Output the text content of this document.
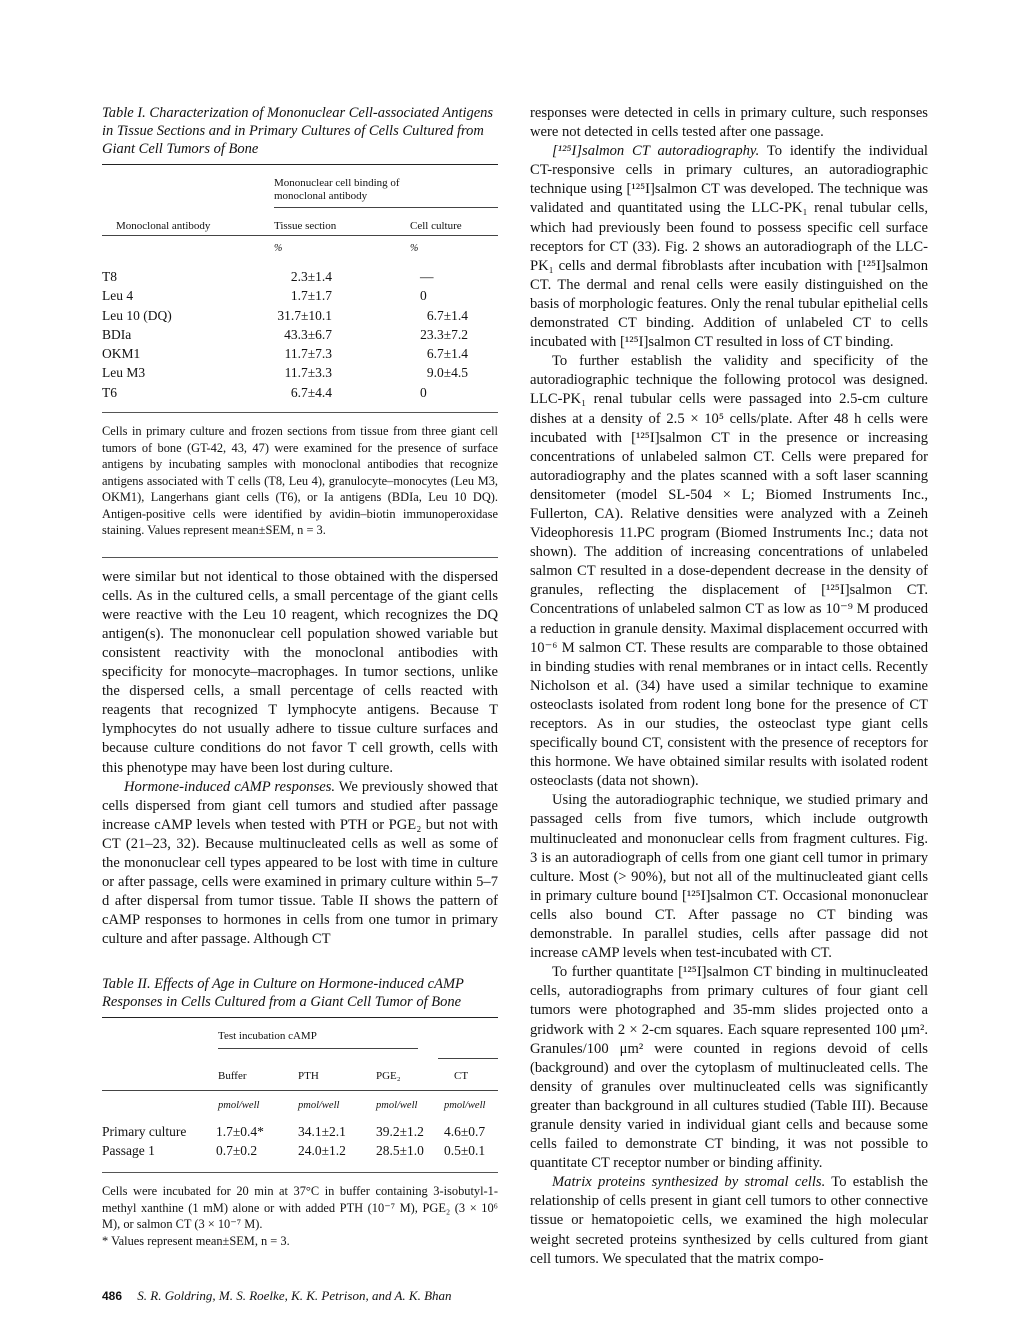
Table I. Characterization of Mononuclear Cell-associated Antigens in Tissue Sections and in Primary Cultures of Cells Cultured from Giant Cell Tumors of Bone
Mononuclear cell binding of monoclonal antibody
Monoclonal antibody	Tissue section	Cell culture
%	%
T8	2.3±1.4	—
Leu 4	1.7±1.7	0
Leu 10 (DQ)	31.7±10.1	6.7±1.4
BDIa	43.3±6.7	23.3±7.2
OKM1	11.7±7.3	6.7±1.4
Leu M3	11.7±3.3	9.0±4.5
T6	6.7±4.4	0

Cells in primary culture and frozen sections from tissue from three giant cell tumors of bone (GT-42, 43, 47) were examined for the presence of surface antigens by incubating samples with monoclonal antibodies that recognize antigens associated with T cells (T8, Leu 4), granulocyte–monocytes (Leu M3, OKM1), Langerhans giant cells (T6), or Ia antigens (BDIa, Leu 10 DQ). Antigen-positive cells were identified by avidin–biotin immunoperoxidase staining. Values represent mean±SEM, n = 3.

were similar but not identical to those obtained with the dispersed cells. As in the cultured cells, a small percentage of the giant cells were reactive with the Leu 10 reagent, which recognizes the DQ antigen(s). The mononuclear cell population showed variable but consistent reactivity with the monoclonal antibodies with specificity for monocyte–macrophages. In tumor sections, unlike the dispersed cells, a small percentage of cells reacted with reagents that recognized T lymphocyte antigens. Because T lymphocytes do not usually adhere to tissue culture surfaces and because culture conditions do not favor T cell growth, cells with this phenotype may have been lost during culture.

Hormone-induced cAMP responses. We previously showed that cells dispersed from giant cell tumors and studied after passage increase cAMP levels when tested with PTH or PGE₂ but not with CT (21–23, 32). Because multinucleated cells as well as some of the mononuclear cell types appeared to be lost with time in culture or after passage, cells were examined in primary culture within 5–7 d after dispersal from tumor tissue. Table II shows the pattern of cAMP responses to hormones in cells from one tumor in primary culture and after passage. Although CT

Table II. Effects of Age in Culture on Hormone-induced cAMP Responses in Cells Cultured from a Giant Cell Tumor of Bone
Test incubation cAMP
Buffer	PTH	PGE₂	CT
pmol/well	pmol/well	pmol/well	pmol/well
Primary culture 1.7±0.4*	34.1±2.1 39.2±1.2 4.6±0.7
Passage 1	0.7±0.2	24.0±1.2 28.5±1.0 0.5±0.1

Cells were incubated for 20 min at 37°C in buffer containing 3-isobutyl-1-methyl xanthine (1 mM) alone or with added PTH (10⁻⁷ M), PGE₂ (3 × 10⁶ M), or salmon CT (3 × 10⁻⁷ M).

* Values represent mean±SEM, n = 3.

responses were detected in cells in primary culture, such responses were not detected in cells tested after one passage.

[¹²⁵I]salmon CT autoradiography. To identify the individual CT-responsive cells in primary cultures, an autoradiographic technique using [¹²⁵I]salmon CT was developed. The technique was validated and quantitated using the LLC-PK₁ renal tubular cells, which had previously been found to possess specific cell surface receptors for CT (33). Fig. 2 shows an autoradiograph of the LLC-PK₁ cells and dermal fibroblasts after incubation with [¹²⁵I]salmon CT. The dermal and renal cells were easily distinguished on the basis of morphologic features. Only the renal tubular epithelial cells demonstrated CT binding. Addition of unlabeled CT to cells incubated with [¹²⁵I]salmon CT resulted in loss of CT binding.

To further establish the validity and specificity of the autoradiographic technique the following protocol was designed. LLC-PK₁ renal tubular cells were passaged into 2.5-cm culture dishes at a density of 2.5 × 10⁵ cells/plate. After 48 h cells were incubated with [¹²⁵I]salmon CT in the presence or increasing concentrations of unlabeled salmon CT. Cells were prepared for autoradiography and the plates scanned with a soft laser scanning densitometer (model SL-504 × L; Biomed Instruments Inc., Fullerton, CA). Relative densities were analyzed with a Zeineh Videophoresis 11.PC program (Biomed Instruments Inc.; data not shown). The addition of increasing concentrations of unlabeled salmon CT resulted in a dose-dependent decrease in the density of granules, reflecting the displacement of [¹²⁵I]salmon CT. Concentrations of unlabeled salmon CT as low as 10⁻⁹ M produced a reduction in granule density. Maximal displacement occurred with 10⁻⁶ M salmon CT. These results are comparable to those obtained in binding studies with renal membranes or in intact cells. Recently Nicholson et al. (34) have used a similar technique to examine osteoclasts isolated from rodent long bone for the presence of CT receptors. As in our studies, the osteoclast type giant cells specifically bound CT, consistent with the presence of receptors for this hormone. We have obtained similar results with isolated rodent osteoclasts (data not shown).

Using the autoradiographic technique, we studied primary and passaged cells from five tumors, which include outgrowth multinucleated and mononuclear cells from fragment cultures. Fig. 3 is an autoradiograph of cells from one giant cell tumor in primary culture. Most (> 90%), but not all of the multinucleated giant cells in primary culture bound [¹²⁵I]salmon CT. Occasional mononuclear cells also bound CT. After passage no CT binding was demonstrable. In parallel studies, cells after passage did not increase cAMP levels when test-incubated with CT.

To further quantitate [¹²⁵I]salmon CT binding in multinucleated cells, autoradiographs from primary cultures of four giant cell tumors were photographed and 35-mm slides projected onto a gridwork with 2 × 2-cm squares. Each square represented 100 μm². Granules/100 μm² were counted in regions devoid of cells (background) and over the cytoplasm of multinucleated cells. The density of granules over multinucleated cells was significantly greater than background in all cultures studied (Table III). Because granule density varied in individual giant cells and because some cells failed to demonstrate CT binding, it was not possible to quantitate CT receptor number or binding affinity.

Matrix proteins synthesized by stromal cells. To establish the relationship of cells present in giant cell tumors to other connective tissue or hematopoietic cells, we examined the high molecular weight secreted proteins synthesized by cells cultured from giant cell tumors. We speculated that the matrix compo-

486 S. R. Goldring, M. S. Roelke, K. K. Petrison, and A. K. Bhan
